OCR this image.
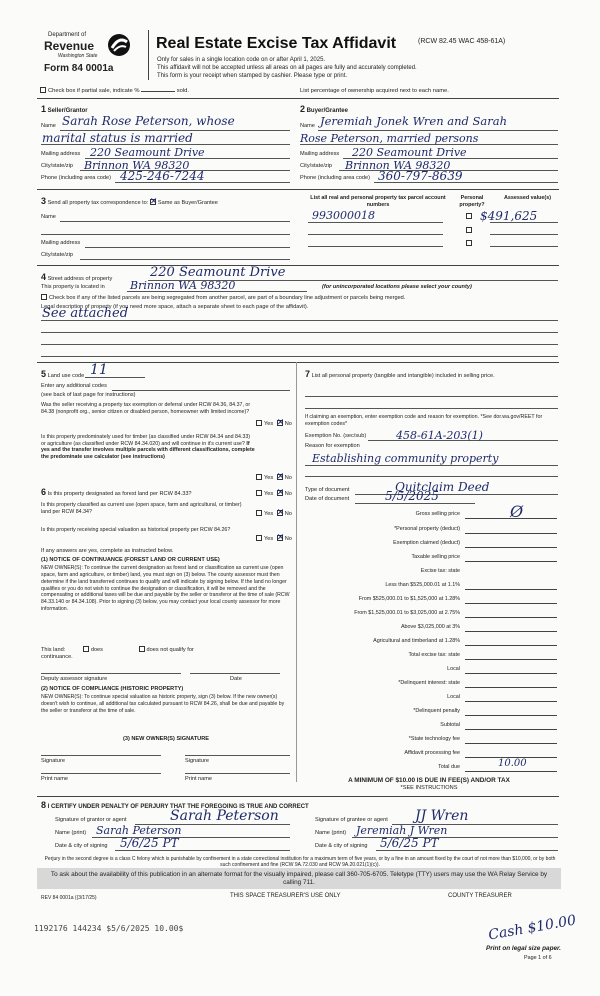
Department of
Revenue
Washington State
Form 84 0001a
Real Estate Excise Tax Affidavit	(RCW 82.45 WAC 458-61A)
Only for sales in a single location code on or after April 1, 2025.
This affidavit will not be accepted unless all areas on all pages are fully and accurately completed.
This form is your receipt when stamped by cashier. Please type or print.
Check box if partial sale, indicate %	sold.	List percentage of ownership acquired next to each name.
1 Seller/Grantor
Name Sarah Rose Peterson, whose
marital status is married
Mailing address 220 Seamount Drive
City/state/zip Brinnon WA 98320
Phone (including area code) 425-246-7244
2 Buyer/Grantee
Name Jeremiah Jonek Wren and Sarah
Rose Peterson, married persons
Mailing address 220 Seamount Drive
City/state/zip Brinnon WA 98320
Phone (including area code) 360-797-8639
3 Send all property tax correspondence to: ✕ Same as Buyer/Grantee
Name
Mailing address
City/state/zip
List all real and personal property tax parcel account numbers
Personal property?
Assessed value(s)
993000018	$491,625
4 Street address of property	220 Seamount Drive
This property is located in Brinnon WA 98320	(for unincorporated locations please select your county)
Check box if any of the listed parcels are being segregated from another parcel, are part of a boundary line adjustment or parcels being merged.
Legal description of property (if you need more space, attach a separate sheet to each page of the affidavit).
See attached
5 Land use code 11
Enter any additional codes
(see back of last page for instructions)
Was the seller receiving a property tax exemption or deferral under RCW 84.36, 84.37, or 84.38 (nonprofit org., senior citizen or disabled person, homeowner with limited income)?
Yes ✕ No
Is this property predominately used for timber (as classified under RCW 84.34 and 84.33) or agriculture (as classified under RCW 84.34.020) and will continue in it's current use? If yes and the transfer involves multiple parcels with different classifications, complete the predominate use calculator (see instructions)
Yes ✕ No
6 Is this property designated as forest land per RCW 84.33?	Yes ✕ No
Is this property classified as current use (open space, farm and agricultural, or timber) land per RCW 84.34?	Yes ✕ No
Is this property receiving special valuation as historical property per RCW 84.26?
Yes ✕ No
If any answers are yes, complete as instructed below.
(1) NOTICE OF CONTINUANCE (FOREST LAND OR CURRENT USE)
NEW OWNER(S): To continue the current designation as forest land or classification as current use (open space, farm and agriculture, or timber) land, you must sign on (3) below. The county assessor must then determine if the land transferred continues to qualify and will indicate by signing below. If the land no longer qualifies or you do not wish to continue the designation or classification, it will be removed and the compensating or additional taxes will be due and payable by the seller or transferor at the time of sale (RCW 84.33.140 or 84.34.108). Prior to signing (3) below, you may contact your local county assessor for more information.
This land:	does	does not qualify for
continuance.
Deputy assessor signature	Date
(2) NOTICE OF COMPLIANCE (HISTORIC PROPERTY)
NEW OWNER(S): To continue special valuation as historic property, sign (3) below. If the new owner(s) doesn't wish to continue, all additional tax calculated pursuant to RCW 84.26, shall be due and payable by the seller or transferor at the time of sale.
(3) NEW OWNER(S) SIGNATURE
Signature	Signature
Print name	Print name
7 List all personal property (tangible and intangible) included in selling price.
If claiming an exemption, enter exemption code and reason for exemption. *See dor.wa.gov/REET for exemption codes*
Exemption No. (sec/sub)	458-61A-203(1)
Reason for exemption
Establishing community property
Type of document	Quitclaim Deed
Date of document	5/5/2025
Gross selling price	Ø
*Personal property (deduct)
Exemption claimed (deduct)
Taxable selling price
Excise tax: state
Less than $525,000.01 at 1.1%
From $525,000.01 to $1,525,000 at 1.28%
From $1,525,000.01 to $3,025,000 at 2.75%
Above $3,025,000 at 3%
Agricultural and timberland at 1.28%
Total excise tax: state
Local
*Delinquent interest: state
Local
*Delinquent penalty
Subtotal
*State technology fee
Affidavit processing fee
Total due	10.00
A MINIMUM OF $10.00 IS DUE IN FEE(S) AND/OR TAX
*SEE INSTRUCTIONS
8 I CERTIFY UNDER PENALTY OF PERJURY THAT THE FOREGOING IS TRUE AND CORRECT
Signature of grantor or agent	Sarah Peterson
Name (print) Sarah Peterson
Date & city of signing 5/6/25 PT
Signature of grantee or agent JJ Wren
Name (print) Jeremiah J Wren
Date & city of signing 5/6/25 PT
Perjury in the second degree is a class C felony which is punishable by confinement in a state correctional institution for a maximum term of five years, or by a fine in an amount fixed by the court of not more than $10,000, or by both such confinement and fine (RCW 9A.72.030 and RCW 9A.20.021(1)(c)).
To ask about the availability of this publication in an alternate format for the visually impaired, please call 360-705-6705. Teletype (TTY) users may use the WA Relay Service by calling 711.
REV 84 0001a ((3/17/25)	THIS SPACE TREASURER'S USE ONLY	COUNTY TREASURER
1192176 144234 $5/6/2025 10.00$	Cash $10.00
Print on legal size paper.
Page 1 of 6
